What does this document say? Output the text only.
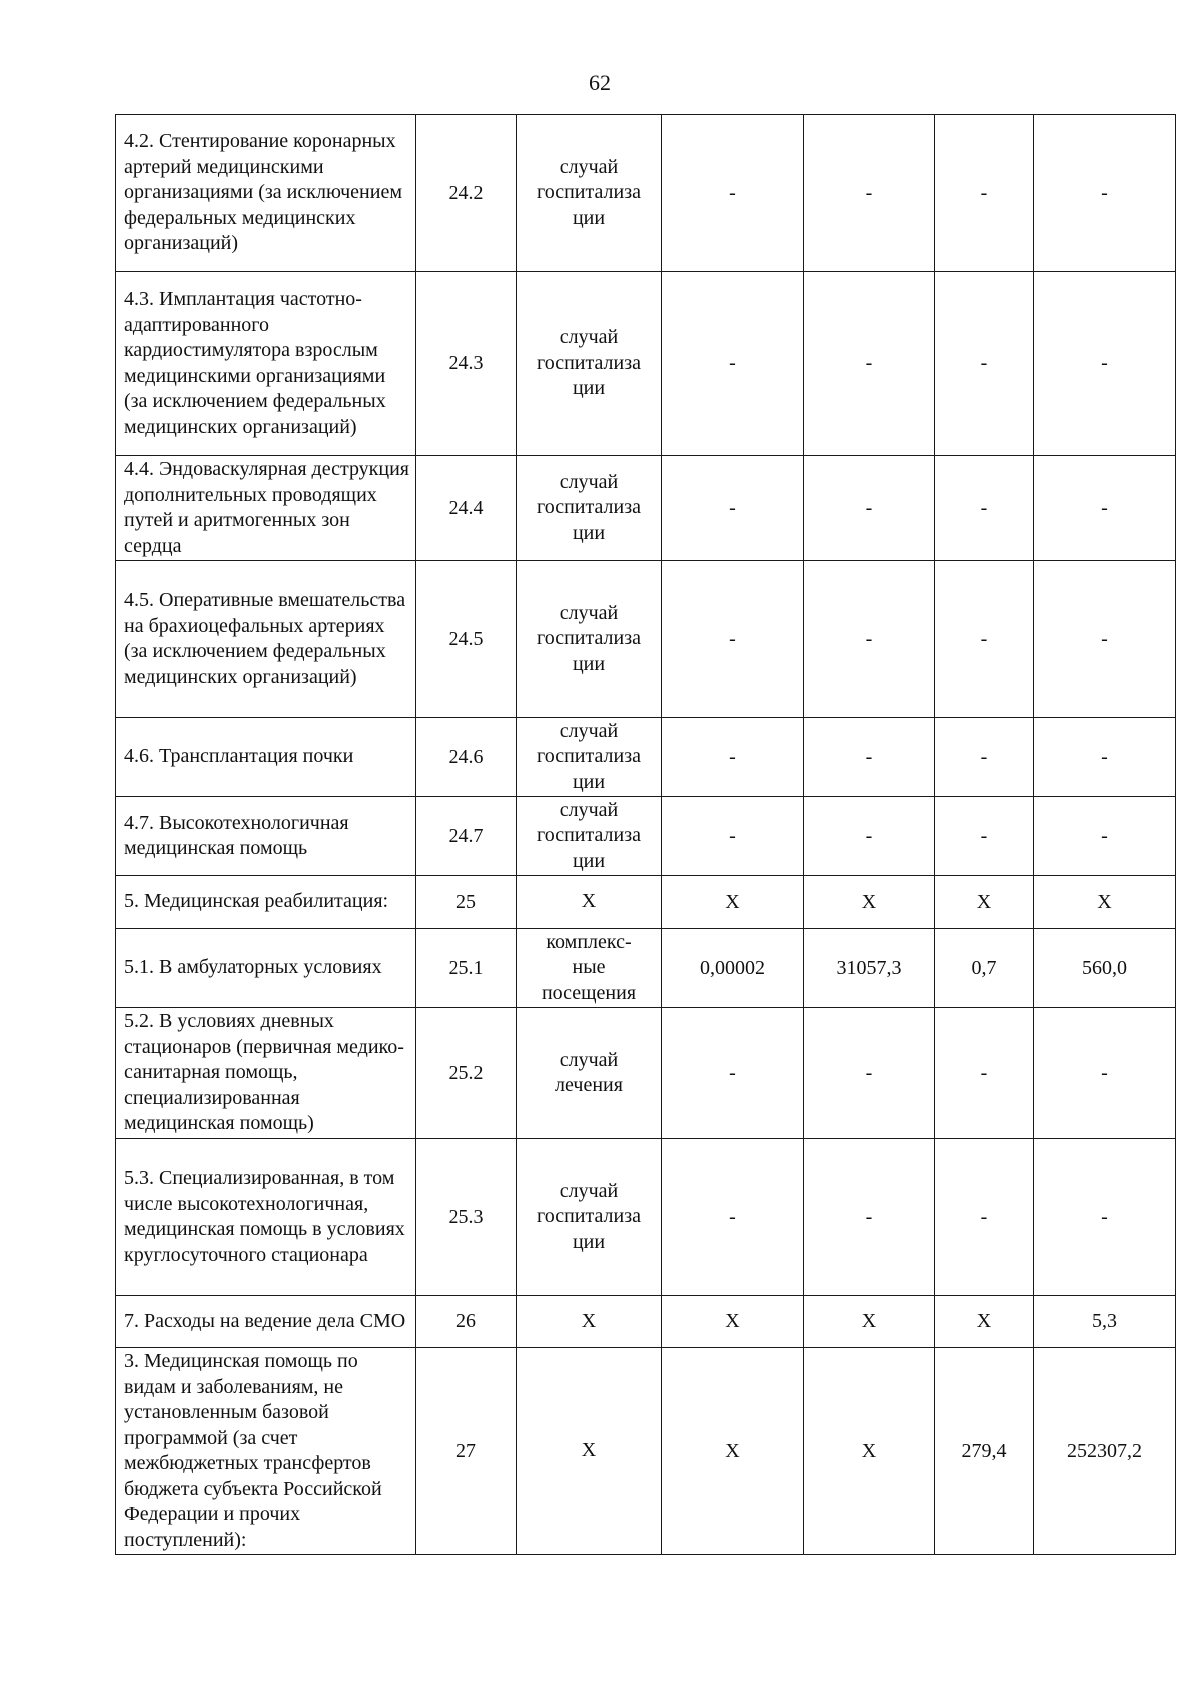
62
4.2. Стентирование коронарных артерий медицинскими организациями (за исключением федеральных медицинских организаций)	24.2	случай
госпитализа
ции	-	-	-	-
4.3. Имплантация частотно-адаптированного кардиостимулятора взрослым медицинскими организациями (за исключением федеральных медицинских организаций)	24.3	случай
госпитализа
ции	-	-	-	-
4.4. Эндоваскулярная деструкция дополнительных проводящих путей и аритмогенных зон сердца	24.4	случай
госпитализа
ции	-	-	-	-
4.5. Оперативные вмешательства на брахиоцефальных артериях (за исключением федеральных медицинских организаций)	24.5	случай
госпитализа
ции	-	-	-	-
4.6. Трансплантация почки	24.6	случай
госпитализа
ции	-	-	-	-
4.7. Высокотехнологичная медицинская помощь	24.7	случай
госпитализа
ции	-	-	-	-
5. Медицинская реабилитация:	25	X	X	X	X	X
5.1. В амбулаторных условиях	25.1	комплекс-
ные
посещения	0,00002	31057,3	0,7	560,0
5.2. В условиях дневных стационаров (первичная медико-санитарная помощь, специализированная медицинская помощь)	25.2	случай
лечения	-	-	-	-
5.3. Специализированная, в том числе высокотехнологичная, медицинская помощь в условиях круглосуточного стационара	25.3	случай
госпитализа
ции	-	-	-	-
7. Расходы на ведение дела СМО	26	X	X	X	X	5,3
3. Медицинская помощь по видам и заболеваниям, не установленным базовой программой (за счет межбюджетных трансфертов бюджета субъекта Российской Федерации и прочих поступлений):	27	X	X	X	279,4	252307,2
